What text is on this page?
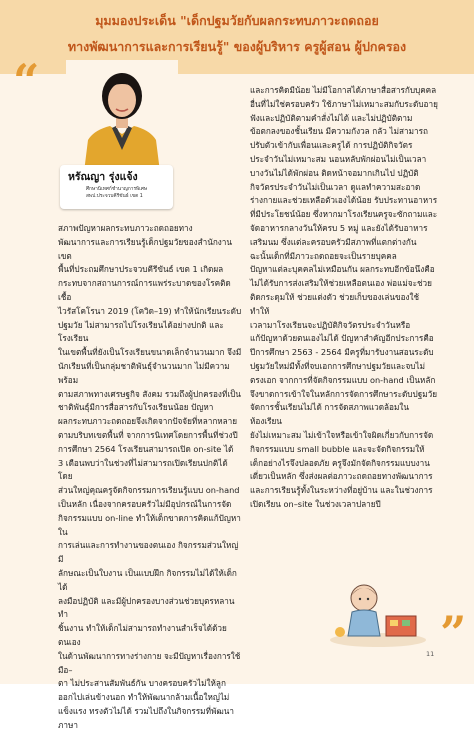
มุมมองประเด็น "เด็กปฐมวัยกับผลกระทบภาวะถดถอย
ทางพัฒนาการและการเรียนรู้" ของผู้บริหาร ครูผู้สอน ผู้ปกครอง
“
หรัณญา รุ่งแจ้ง
ศึกษานิเทศก์ชำนาญการพิเศษ
สพป.ประจวบคีรีขันธ์ เขต 1

สภาพปัญหาผลกระทบภาวะถดถอยทาง
พัฒนาการและการเรียนรู้เด็กปฐมวัยของสำนักงานเขต
พื้นที่ประถมศึกษาประจวบคีรีขันธ์ เขต 1 เกิดผล
กระทบจากสถานการณ์การแพร่ระบาดของโรคติดเชื้อ
ไวรัสโคโรนา 2019 (โควิด–19) ทำให้นักเรียนระดับ
ปฐมวัย ไม่สามารถไปโรงเรียนได้อย่างปกติ และโรงเรียน
ในเขตพื้นที่ยังเป็นโรงเรียนขนาดเล็กจำนวนมาก จึงมี
นักเรียนที่เป็นกลุ่มชาติพันธุ์จำนวนมาก ไม่มีความพร้อม
ตามสภาพทางเศรษฐกิจ สังคม รวมถึงผู้ปกครองที่เป็น
ชาติพันธุ์มีการสื่อสารกับโรงเรียนน้อย ปัญหา
ผลกระทบภาวะถดถอยจึงเกิดจากปัจจัยที่หลากหลาย
ตามบริบทเขตพื้นที่ จากการนิเทศโดยการพื้นที่ช่วงปี
การศึกษา 2564 โรงเรียนสามารถเปิด on-site ได้
3 เดือนพบว่าในช่วงที่ไม่สามารถเปิดเรียนปกติได้ โดย
ส่วนใหญ่คุณครูจัดกิจกรรมการเรียนรู้แบบ on-hand
เป็นหลัก เนื่องจากครอบครัวไม่มีอุปกรณ์ในการจัด
กิจกรรมแบบ on-line ทำให้เด็กขาดการคิดแก้ปัญหาใน
การเล่นและการทำงานของตนเอง กิจกรรมส่วนใหญ่ มี
ลักษณะเป็นใบงาน เป็นแบบฝึก กิจกรรมไม่ได้ให้เด็กได้
ลงมือปฏิบัติ และมีผู้ปกครองบางส่วนช่วยบุตรหลานทำ
ชิ้นงาน ทำให้เด็กไม่สามารถทำงานสำเร็จได้ด้วยตนเอง
ในด้านพัฒนาการทางร่างกาย จะมีปัญหาเรื่องการใช้มือ–
ตา ไม่ประสานสัมพันธ์กัน บางครอบครัวไม่ให้ลูก
ออกไปเล่นข้างนอก ทำให้พัฒนากล้ามเนื้อใหญ่ไม่
แข็งแรง ทรงตัวไม่ได้ รวมไปถึงในกิจกรรมที่พัฒนาภาษา

และการคิดมีน้อย ไม่มีโอกาสได้ภาษาสื่อสารกับบุคคล
อื่นที่ไม่ใช่ครอบครัว ใช้ภาษาไม่เหมาะสมกับระดับอายุ
ฟังและปฏิบัติตามคำสั่งไม่ได้ และไม่ปฏิบัติตาม
ข้อตกลงของชั้นเรียน มีความกังวล กลัว ไม่สามารถ
ปรับตัวเข้ากับเพื่อนและครูได้ การปฏิบัติกิจวัตร
ประจำวันไม่เหมาะสม นอนหลับพักผ่อนไม่เป็นเวลา
บางวันไม่ได้พักผ่อน ติดหน้าจอมากเกินไป ปฏิบัติ
กิจวัตรประจำวันไม่เป็นเวลา ดูแลทำความสะอาด
ร่างกายและช่วยเหลือตัวเองได้น้อย รับประทานอาหาร
ที่มีประโยชน์น้อย ซึ่งหากมาโรงเรียนครูจะซักถามและ
จัดอาหารกลางวันให้ครบ 5 หมู่ และยังได้รับอาหาร
เสริมนม ซึ่งแต่ละครอบครัวมีสภาพที่แตกต่างกัน
ฉะนั้นเด็กที่มีภาวะถดถอยจะเป็นรายบุคคล
ปัญหาแต่ละบุคคลไม่เหมือนกัน ผลกระทบอีกข้อนึงคือ
ไม่ได้รับการส่งเสริมให้ช่วยเหลือตนเอง พ่อแม่จะช่วย
ติดกระดุมให้ ช่วยแต่งตัว ช่วยเก็บของเล่นของใช้ทำให้
เวลามาโรงเรียนจะปฏิบัติกิจวัตรประจำวันหรือ
แก้ปัญหาด้วยตนเองไม่ได้ ปัญหาสำคัญอีกประการคือ
ปีการศึกษา 2563 - 2564 มีครูที่มารับงานสอนระดับ
ปฐมวัยใหม่มีทั้งที่จบเอกการศึกษาปฐมวัยและจบไม่
ตรงเอก จากการที่จัดกิจกรรมแบบ on-hand เป็นหลัก
จึงขาดการเข้าใจในหลักการจัดการศึกษาระดับปฐมวัย
จัดการชั้นเรียนไม่ได้ การจัดสภาพแวดล้อมในห้องเรียน
ยังไม่เหมาะสม ไม่เข้าใจหรือเข้าใจผิดเกี่ยวกับการจัด
กิจกรรมแบบ small bubble และจะจัดกิจกรรมให้
เด็กอย่างไรจึงปลอดภัย ครูจึงมักจัดกิจกรรมแบบงาน
เดี่ยวเป็นหลัก ซึ่งส่งผลต่อภาวะถดถอยทางพัฒนาการ
และการเรียนรู้ทั้งในระหว่างที่อยู่บ้าน และในช่วงการ
เปิดเรียน on–site ในช่วงเวลาปลายปี

”
11
